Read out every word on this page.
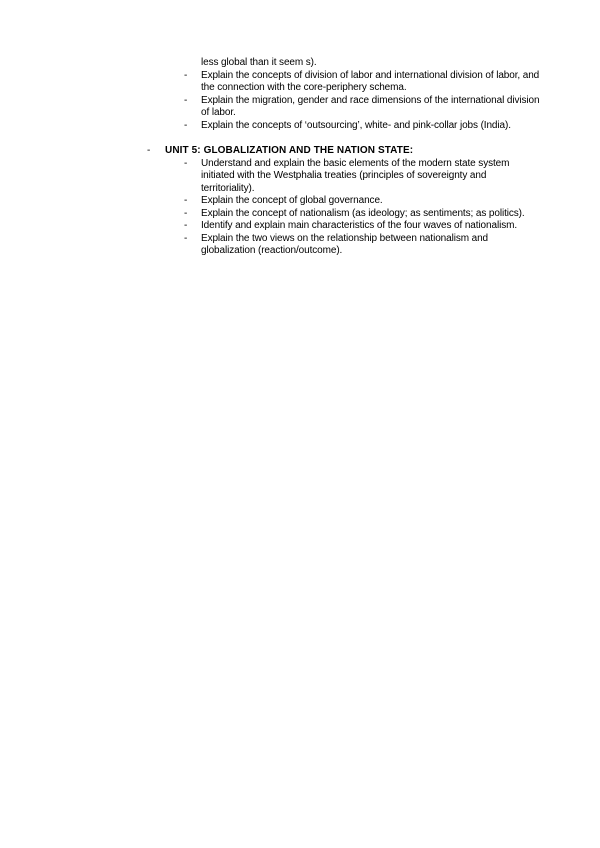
less global than it seem s).
- Explain the concepts of division of labor and international division of labor, and the connection with the core-periphery schema.
- Explain the migration, gender and race dimensions of the international division of labor.
- Explain the concepts of ‘outsourcing’, white- and pink-collar jobs (India).
- UNIT 5: GLOBALIZATION AND THE NATION STATE:
- Understand and explain the basic elements of the modern state system initiated with the Westphalia treaties (principles of sovereignty and territoriality).
- Explain the concept of global governance.
- Explain the concept of nationalism (as ideology; as sentiments; as politics).
- Identify and explain main characteristics of the four waves of nationalism.
- Explain the two views on the relationship between nationalism and globalization (reaction/outcome).
